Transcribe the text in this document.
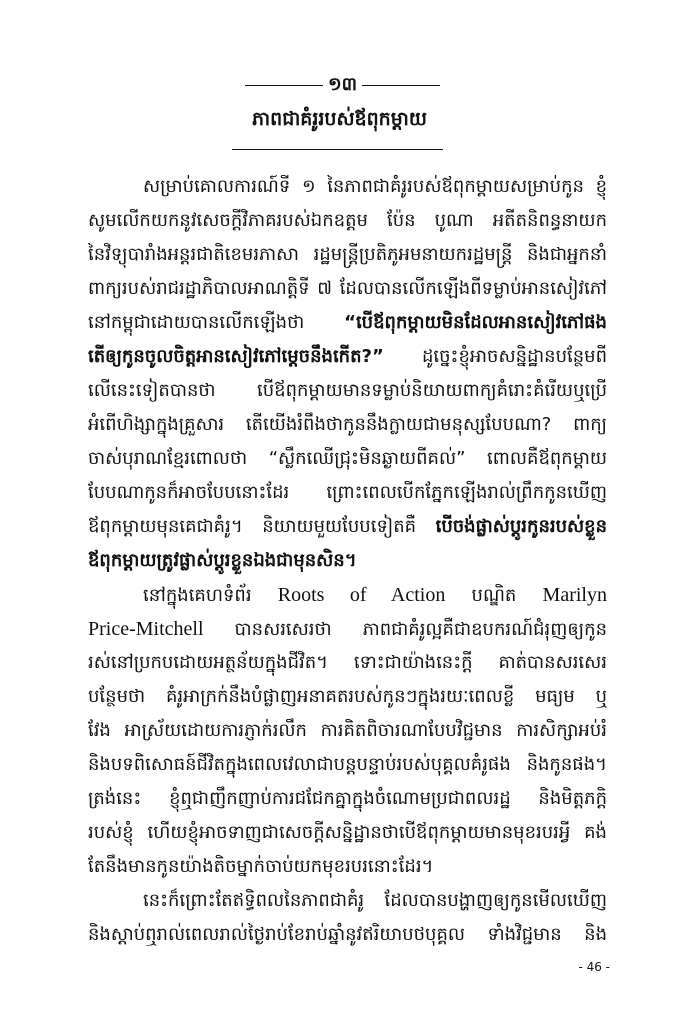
១៣
ភាពជាគំរូរបស់ឪពុកម្តាយ
សម្រាប់គោលការណ៍ទី ១ នៃភាពជាគំរូរបស់ឪពុកម្តាយសម្រាប់កូន ខ្ញុំ
សូមលើកយកនូវសេចក្តីវិភាគរបស់ឯកឧត្តម ប៉ែន បូណា អតីតនិពន្ធនាយក
នៃវិទ្យុបារាំងអន្តរជាតិខេមរភាសា រដ្ឋមន្ត្រីប្រតិភូអមនាយករដ្ឋមន្ត្រី និងជាអ្នកនាំ
ពាក្យរបស់រាជរដ្ឋាភិបាលអាណត្តិទី ៧ ដែលបានលើកឡើងពីទម្លាប់អានសៀវភៅ
នៅកម្ពុជាដោយបានលើកឡើងថា “បើឪពុកម្តាយមិនដែលអានសៀវភៅផង
តើឲ្យកូនចូលចិត្តអានសៀវភៅម្តេចនឹងកើត?” ដូច្នេះខ្ញុំអាចសន្និដ្ឋានបន្ថែមពី
លើនេះទៀតបានថា បើឪពុកម្តាយមានទម្លាប់និយាយពាក្យគំរោះគំរើយឬប្រើ
អំពើហិង្សាក្នុងគ្រួសារ តើយើងរំពឹងថាកូននឹងក្លាយជាមនុស្សបែបណា? ពាក្យ
ចាស់បុរាណខ្មែរពោលថា “ស្លឹកឈើជ្រុះមិនឆ្ងាយពីគល់” ពោលគឺឪពុកម្តាយ
បែបណាកូនក៏អាចបែបនោះដែរ ព្រោះពេលបើកភ្នែកឡើងរាល់ព្រឹកកូនឃើញ
ឪពុកម្តាយមុនគេជាគំរូ។ និយាយមួយបែបទៀតគឺ បើចង់ផ្លាស់ប្តូរកូនរបស់ខ្លួន
ឪពុកម្តាយត្រូវផ្លាស់ប្តូរខ្លួនឯងជាមុនសិន។
នៅក្នុងគេហទំព័រ Roots of Action បណ្ឌិត Marilyn
Price-Mitchell បានសរសេរថា ភាពជាគំរូល្អគឺជាឧបករណ៍ជំរុញឲ្យកូន
រស់នៅប្រកបដោយអត្ថន័យក្នុងជីវិត។ ទោះជាយ៉ាងនេះក្តី គាត់បានសរសេរ
បន្ថែមថា គំរូអាក្រក់នឹងបំផ្លាញអនាគតរបស់កូនៗក្នុងរយៈពេលខ្លី មធ្យម ឬ
វែង អាស្រ័យដោយការភ្ញាក់រលឹក ការគិតពិចារណាបែបវិជ្ជមាន ការសិក្សាអប់រំ
និងបទពិសោធន៍ជីវិតក្នុងពេលវេលាជាបន្តបន្ទាប់របស់បុគ្គលគំរូផង និងកូនផង។
ត្រង់នេះ ខ្ញុំឮជាញឹកញាប់ការជជែកគ្នាក្នុងចំណោមប្រជាពលរដ្ឋ និងមិត្តភក្តិ
របស់ខ្ញុំ ហើយខ្ញុំអាចទាញជាសេចក្តីសន្និដ្ឋានថាបើឪពុកម្តាយមានមុខរបរអ្វី គង់
តែនឹងមានកូនយ៉ាងតិចម្នាក់ចាប់យកមុខរបរនោះដែរ។
នេះក៏ព្រោះតែឥទ្ធិពលនៃភាពជាគំរូ ដែលបានបង្ហាញឲ្យកូនមើលឃើញ
និងស្តាប់ឮរាល់ពេលរាល់ថ្ងៃរាប់ខែរាប់ឆ្នាំនូវឥរិយាបថបុគ្គល ទាំងវិជ្ជមាន និង
- 46 -
